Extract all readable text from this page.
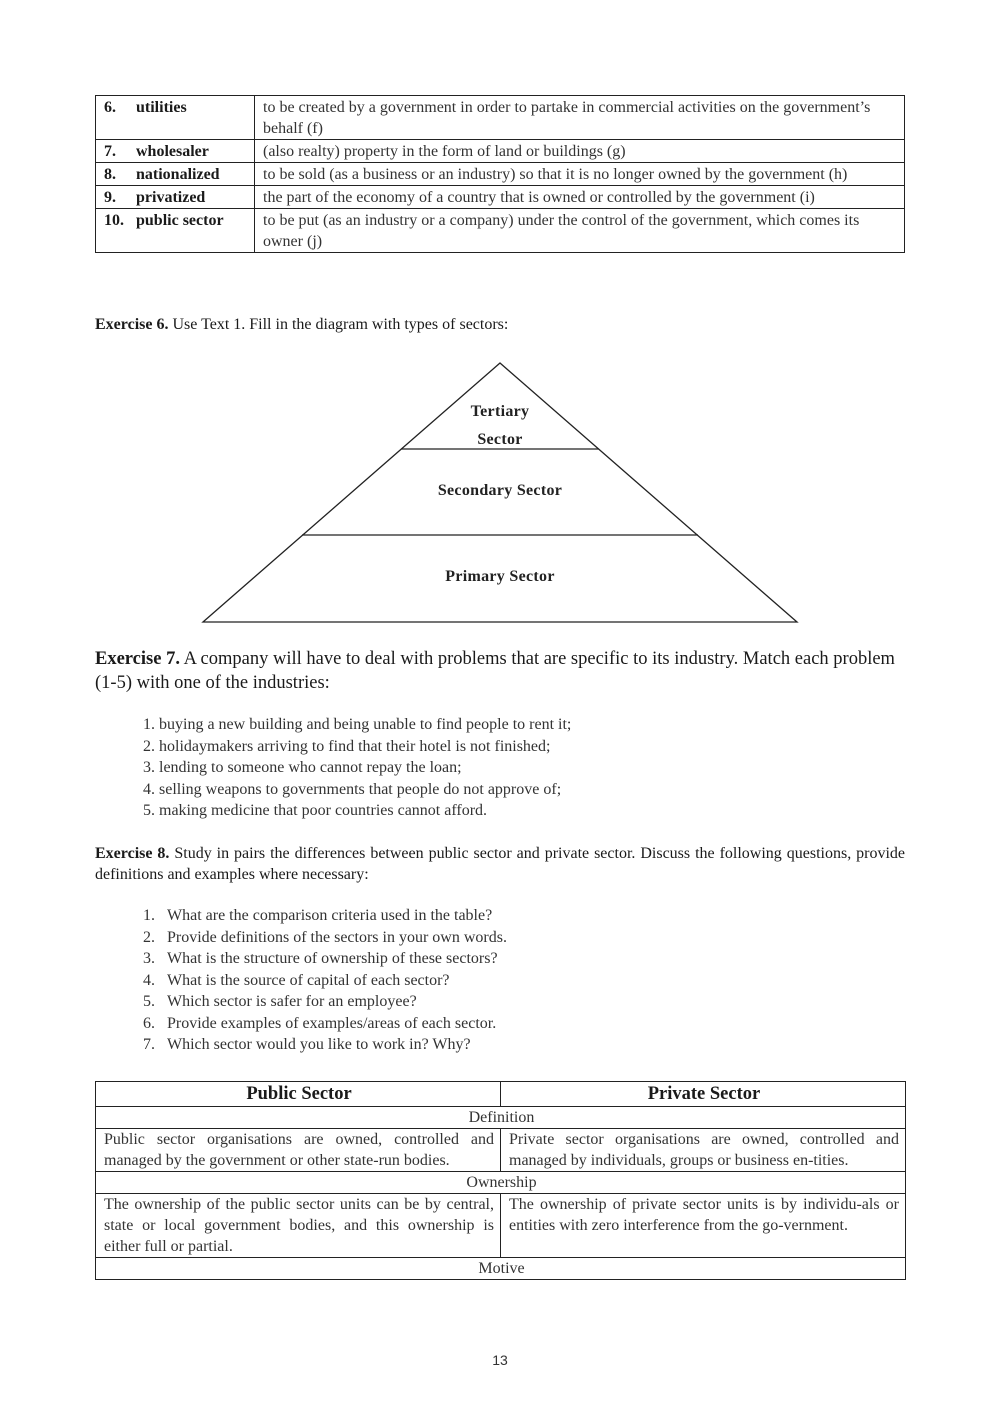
6.	utilities	to be created by a government in order to partake in commercial activities on the government’s behalf (f)
7.	wholesaler	(also realty) property in the form of land or buildings (g)
8.	nationalized	to be sold (as a business or an industry) so that it is no longer owned by the government (h)
9.	privatized	the part of the economy of a country that is owned or controlled by the government (i)
10.	public sector	to be put (as an industry or a company) under the control of the government, which comes its owner (j)
Exercise 6. Use Text 1. Fill in the diagram with types of sectors:
Tertiary
Sector
Secondary Sector
Primary Sector
Exercise 7. A company will have to deal with problems that are specific to its industry. Match each problem (1-5) with one of the industries:
1. buying a new building and being unable to find people to rent it;
2. holidaymakers arriving to find that their hotel is not finished;
3. lending to someone who cannot repay the loan;
4. selling weapons to governments that people do not approve of;
5. making medicine that poor countries cannot afford.
Exercise 8. Study in pairs the differences between public sector and private sector. Discuss the following questions, provide definitions and examples where necessary:
1. What are the comparison criteria used in the table?
2. Provide definitions of the sectors in your own words.
3. What is the structure of ownership of these sectors?
4. What is the source of capital of each sector?
5. Which sector is safer for an employee?
6. Provide examples of examples/areas of each sector.
7. Which sector would you like to work in? Why?
Public Sector	Private Sector
Definition	
Public sector organisations are owned, controlled and managed by the government or other state-run bodies.	Private sector organisations are owned, controlled and managed by individuals, groups or business en-tities.
Ownership	
The ownership of the public sector units can be by central, state or local government bodies, and this ownership is either full or partial.	The ownership of private sector units is by individu-als or entities with zero interference from the go-vernment.
Motive	
13
